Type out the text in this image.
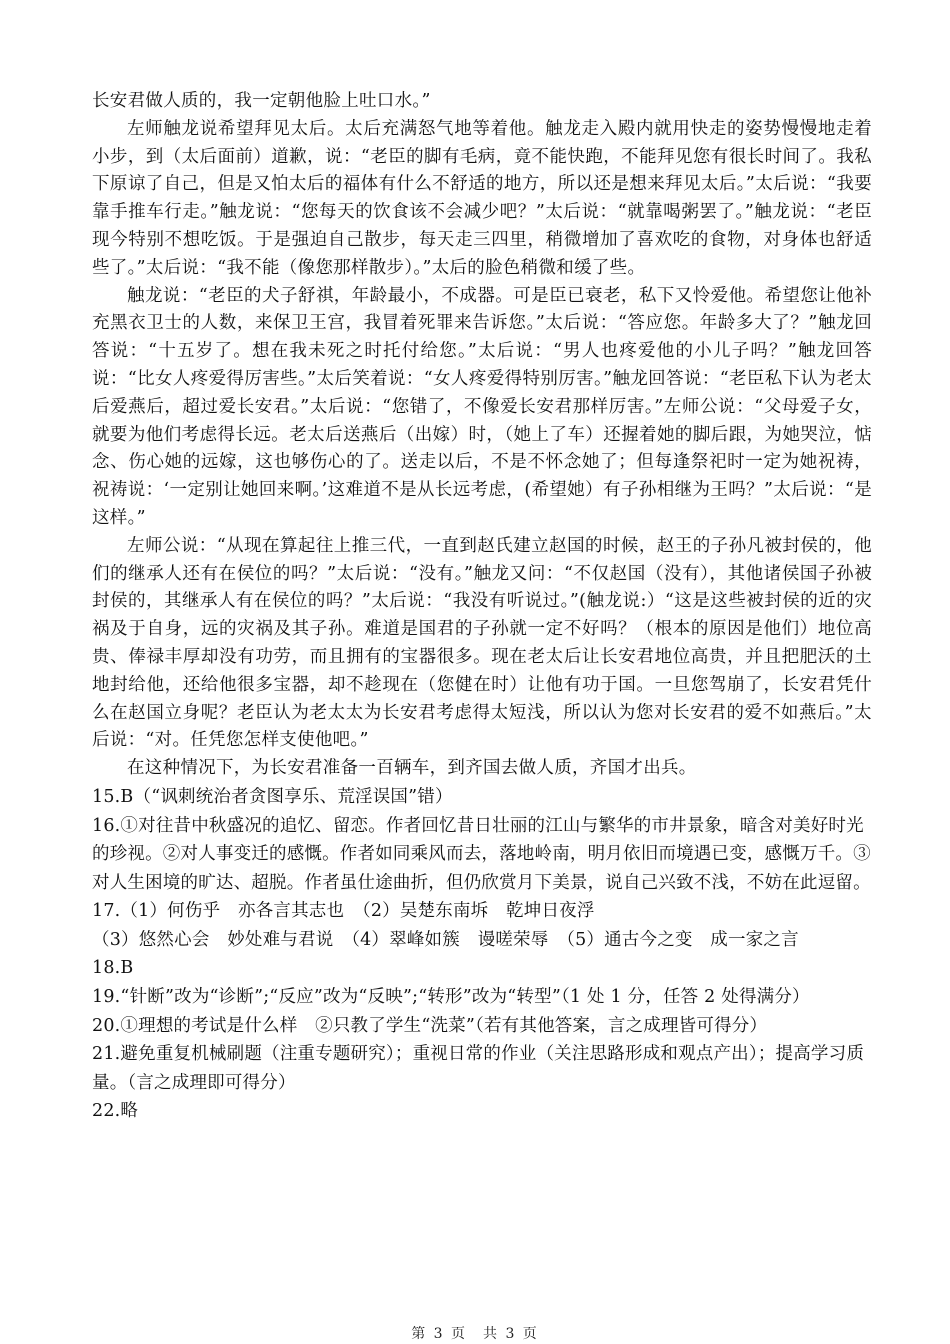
长安君做人质的，我一定朝他脸上吐口水。”
左师触龙说希望拜见太后。太后充满怒气地等着他。触龙走入殿内就用快走的姿势慢慢地走着小步，到（太后面前）道歉，说：“老臣的脚有毛病，竟不能快跑，不能拜见您有很长时间了。我私下原谅了自己，但是又怕太后的福体有什么不舒适的地方，所以还是想来拜见太后。”太后说：“我要靠手推车行走。”触龙说：“您每天的饮食该不会减少吧？”太后说：“就靠喝粥罢了。”触龙说：“老臣现今特别不想吃饭。于是强迫自己散步，每天走三四里，稍微增加了喜欢吃的食物，对身体也舒适些了。”太后说：“我不能（像您那样散步）。”太后的脸色稍微和缓了些。
触龙说：“老臣的犬子舒祺，年龄最小，不成器。可是臣已衰老，私下又怜爱他。希望您让他补充黑衣卫士的人数，来保卫王宫，我冒着死罪来告诉您。”太后说：“答应您。年龄多大了？”触龙回答说：“十五岁了。想在我未死之时托付给您。”太后说：“男人也疼爱他的小儿子吗？”触龙回答说：“比女人疼爱得厉害些。”太后笑着说：“女人疼爱得特别厉害。”触龙回答说：“老臣私下认为老太后爱燕后，超过爱长安君。”太后说：“您错了，不像爱长安君那样厉害。”左师公说：“父母爱子女，就要为他们考虑得长远。老太后送燕后（出嫁）时，（她上了车）还握着她的脚后跟，为她哭泣，惦念、伤心她的远嫁，这也够伤心的了。送走以后，不是不怀念她了；但每逢祭祀时一定为她祝祷，祝祷说：‘一定别让她回来啊。’这难道不是从长远考虑，(希望她）有子孙相继为王吗？”太后说：“是这样。”
左师公说：“从现在算起往上推三代，一直到赵氏建立赵国的时候，赵王的子孙凡被封侯的，他们的继承人还有在侯位的吗？”太后说：“没有。”触龙又问：“不仅赵国（没有），其他诸侯国子孙被封侯的，其继承人有在侯位的吗？”太后说：“我没有听说过。”(触龙说:）“这是这些被封侯的近的灾祸及于自身，远的灾祸及其子孙。难道是国君的子孙就一定不好吗？（根本的原因是他们）地位高贵、俸禄丰厚却没有功劳，而且拥有的宝器很多。现在老太后让长安君地位高贵，并且把肥沃的土地封给他，还给他很多宝器，却不趁现在（您健在时）让他有功于国。一旦您驾崩了，长安君凭什么在赵国立身呢？老臣认为老太太为长安君考虑得太短浅，所以认为您对长安君的爱不如燕后。”太后说：“对。任凭您怎样支使他吧。”
在这种情况下，为长安君准备一百辆车，到齐国去做人质，齐国才出兵。
15.B（“讽刺统治者贪图享乐、荒淫误国”错）
16.①对往昔中秋盛况的追忆、留恋。作者回忆昔日壮丽的江山与繁华的市井景象，暗含对美好时光的珍视。②对人事变迁的感慨。作者如同乘风而去，落地岭南，明月依旧而境遇已变，感慨万千。③对人生困境的旷达、超脱。作者虽仕途曲折，但仍欣赏月下美景，说自己兴致不浅，不妨在此逗留。
17.（1）何伤乎　亦各言其志也　（2）吴楚东南坼　乾坤日夜浮
（3）悠然心会　妙处难与君说　（4）翠峰如簇　谩嗟荣辱　（5）通古今之变　成一家之言
18.B
19.“针断”改为“诊断”;“反应”改为“反映”;“转形”改为“转型”（1 处 1 分，任答 2 处得满分）
20.①理想的考试是什么样　②只教了学生“洗菜”（若有其他答案，言之成理皆可得分）
21.避免重复机械刷题（注重专题研究）；重视日常的作业（关注思路形成和观点产出）；提高学习质量。（言之成理即可得分）
22.略
第 3 页　共 3 页
